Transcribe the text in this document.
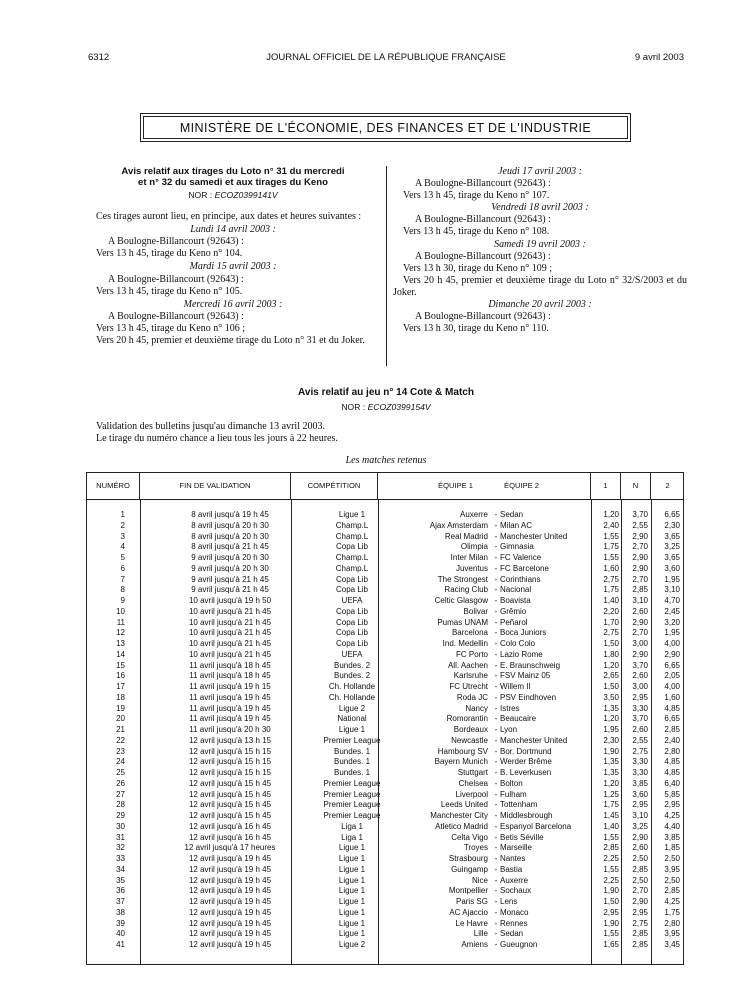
6312	JOURNAL OFFICIEL DE LA RÉPUBLIQUE FRANÇAISE	9 avril 2003
MINISTÈRE DE L'ÉCONOMIE, DES FINANCES ET DE L'INDUSTRIE
Avis relatif aux tirages du Loto n° 31 du mercredi
et n° 32 du samedi et aux tirages du Keno
NOR : ECOZ0399141V
Ces tirages auront lieu, en principe, aux dates et heures suivantes :
Lundi 14 avril 2003 :
A Boulogne-Billancourt (92643) :
Vers 13 h 45, tirage du Keno n° 104.
Mardi 15 avril 2003 :
A Boulogne-Billancourt (92643) :
Vers 13 h 45, tirage du Keno n° 105.
Mercredi 16 avril 2003 :
A Boulogne-Billancourt (92643) :
Vers 13 h 45, tirage du Keno n° 106 ;
Vers 20 h 45, premier et deuxième tirage du Loto n° 31 et du Joker.
Jeudi 17 avril 2003 :
A Boulogne-Billancourt (92643) :
Vers 13 h 45, tirage du Keno n° 107.
Vendredi 18 avril 2003 :
A Boulogne-Billancourt (92643) :
Vers 13 h 45, tirage du Keno n° 108.
Samedi 19 avril 2003 :
A Boulogne-Billancourt (92643) :
Vers 13 h 30, tirage du Keno n° 109 ;
Vers 20 h 45, premier et deuxième tirage du Loto n° 32/S/2003 et du Joker.
Dimanche 20 avril 2003 :
A Boulogne-Billancourt (92643) :
Vers 13 h 30, tirage du Keno n° 110.
Avis relatif au jeu n° 14 Cote & Match
NOR : ECOZ0399154V
Validation des bulletins jusqu'au dimanche 13 avril 2003.
Le tirage du numéro chance a lieu tous les jours à 22 heures.
Les matches retenus
NUMÉRO	FIN DE VALIDATION	COMPÉTITION	ÉQUIPE 1	ÉQUIPE 2	1	N	2
1	8 avril jusqu'à 19 h 45	Ligue 1	Auxerre - Sedan	1,20	3,70	6,65
2	8 avril jusqu'à 20 h 30	Champ.L	Ajax Amsterdam - Milan AC	2,40	2,55	2,30
3	8 avril jusqu'à 20 h 30	Champ.L	Real Madrid - Manchester United	1,55	2,90	3,65
4	8 avril jusqu'à 21 h 45	Copa Lib	Olimpia - Gimnasia	1,75	2,70	3,25
5	9 avril jusqu'à 20 h 30	Champ.L	Inter Milan - FC Valence	1,55	2,90	3,65
6	9 avril jusqu'à 20 h 30	Champ.L	Juventus - FC Barcelone	1,60	2,90	3,60
7	9 avril jusqu'à 21 h 45	Copa Lib	The Strongest - Corinthians	2,75	2,70	1,95
8	9 avril jusqu'à 21 h 45	Copa Lib	Racing Club - Nacional	1,75	2,85	3,10
9	10 avril jusqu'à 19 h 50	UEFA	Celtic Glasgow - Boavista	1,40	3,10	4,70
10	10 avril jusqu'à 21 h 45	Copa Lib	Bolivar - Grêmio	2,20	2,60	2,45
11	10 avril jusqu'à 21 h 45	Copa Lib	Pumas UNAM - Peñarol	1,70	2,90	3,20
12	10 avril jusqu'à 21 h 45	Copa Lib	Barcelona - Boca Juniors	2,75	2,70	1,95
13	10 avril jusqu'à 21 h 45	Copa Lib	Ind. Medellin - Colo Colo	1,50	3,00	4,00
14	10 avril jusqu'à 21 h 45	UEFA	FC Porto - Lazio Rome	1,80	2,90	2,90
15	11 avril jusqu'à 18 h 45	Bundes. 2	All. Aachen - E. Braunschweig	1,20	3,70	6,65
16	11 avril jusqu'à 18 h 45	Bundes. 2	Karlsruhe - FSV Mainz 05	2,65	2,60	2,05
17	11 avril jusqu'à 19 h 15	Ch. Hollande	FC Utrecht - Willem II	1,50	3,00	4,00
18	11 avril jusqu'à 19 h 45	Ch. Hollande	Roda JC - PSV Eindhoven	3,50	2,95	1,60
19	11 avril jusqu'à 19 h 45	Ligue 2	Nancy - Istres	1,35	3,30	4,85
20	11 avril jusqu'à 19 h 45	National	Romorantin - Beaucaire	1,20	3,70	6,65
21	11 avril jusqu'à 20 h 30	Ligue 1	Bordeaux - Lyon	1,95	2,60	2,85
22	12 avril jusqu'à 13 h 15	Premier League	Newcastle - Manchester United	2,30	2,55	2,40
23	12 avril jusqu'à 15 h 15	Bundes. 1	Hambourg SV - Bor. Dortmund	1,90	2,75	2,80
24	12 avril jusqu'à 15 h 15	Bundes. 1	Bayern Munich - Werder Brême	1,35	3,30	4,85
25	12 avril jusqu'à 15 h 15	Bundes. 1	Stuttgart - B. Leverkusen	1,35	3,30	4,85
26	12 avril jusqu'à 15 h 45	Premier League	Chelsea - Bolton	1,20	3,85	6,40
27	12 avril jusqu'à 15 h 45	Premier League	Liverpool - Fulham	1,25	3,60	5,85
28	12 avril jusqu'à 15 h 45	Premier League	Leeds United - Tottenham	1,75	2,95	2,95
29	12 avril jusqu'à 15 h 45	Premier League	Manchester City - Middlesbrough	1,45	3,10	4,25
30	12 avril jusqu'à 16 h 45	Liga 1	Atletico Madrid - Espanyol Barcelona	1,40	3,25	4,40
31	12 avril jusqu'à 16 h 45	Liga 1	Celta Vigo - Betis Séville	1,55	2,90	3,85
32	12 avril jusqu'à 17 heures	Ligue 1	Troyes - Marseille	2,85	2,60	1,85
33	12 avril jusqu'à 19 h 45	Ligue 1	Strasbourg - Nantes	2,25	2,50	2,50
34	12 avril jusqu'à 19 h 45	Ligue 1	Guingamp - Bastia	1,55	2,85	3,95
35	12 avril jusqu'à 19 h 45	Ligue 1	Nice - Auxerre	2,25	2,50	2,50
36	12 avril jusqu'à 19 h 45	Ligue 1	Montpellier - Sochaux	1,90	2,70	2,85
37	12 avril jusqu'à 19 h 45	Ligue 1	Paris SG - Lens	1,50	2,90	4,25
38	12 avril jusqu'à 19 h 45	Ligue 1	AC Ajaccio - Monaco	2,95	2,95	1,75
39	12 avril jusqu'à 19 h 45	Ligue 1	Le Havre - Rennes	1,90	2,75	2,80
40	12 avril jusqu'à 19 h 45	Ligue 1	Lille - Sedan	1,55	2,85	3,95
41	12 avril jusqu'à 19 h 45	Ligue 2	Amiens - Gueugnon	1,65	2,85	3,45
